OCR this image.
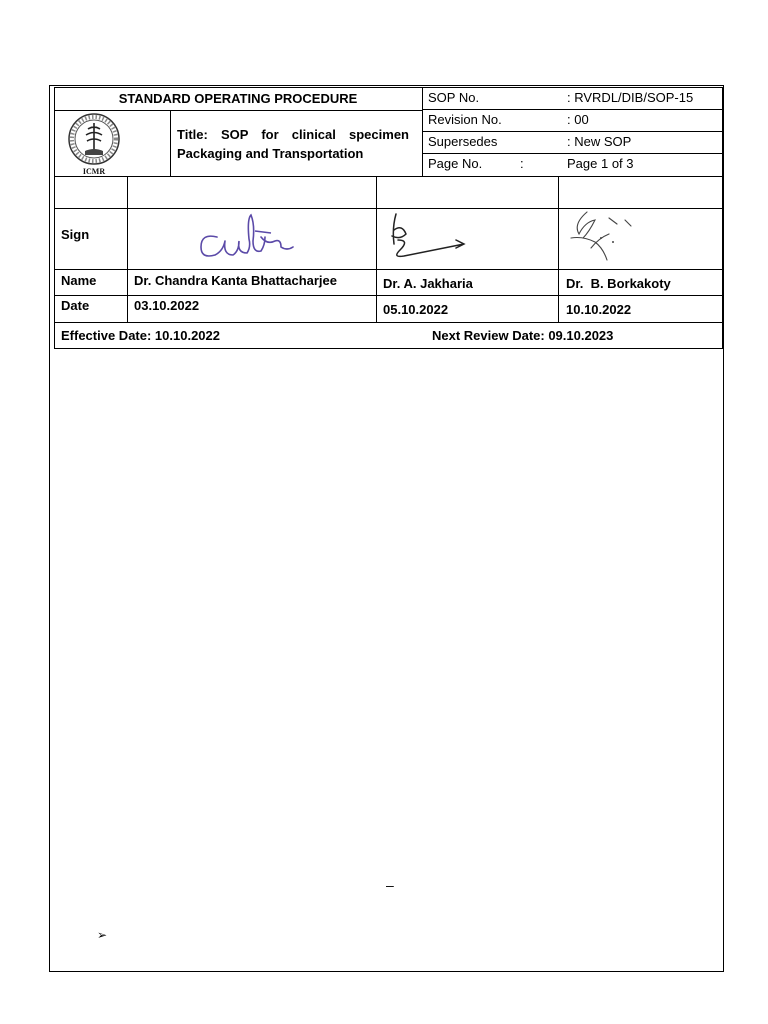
STANDARD OPERATING PROCEDURE
Title: SOP for clinical specimen Packaging and Transportation
ICMR
SOP No.	: RVRDL/DIB/SOP-15
Revision No.	: 00
Supersedes	: New SOP
Page No.	:	Page 1 of 3
Sign
Name	Dr. Chandra Kanta Bhattacharjee	Dr. A. Jakharia	Dr.  B. Borkakoty
Date	03.10.2022	05.10.2022	10.10.2022
Effective Date: 10.10.2022	Next Review Date: 09.10.2023
–
➢
